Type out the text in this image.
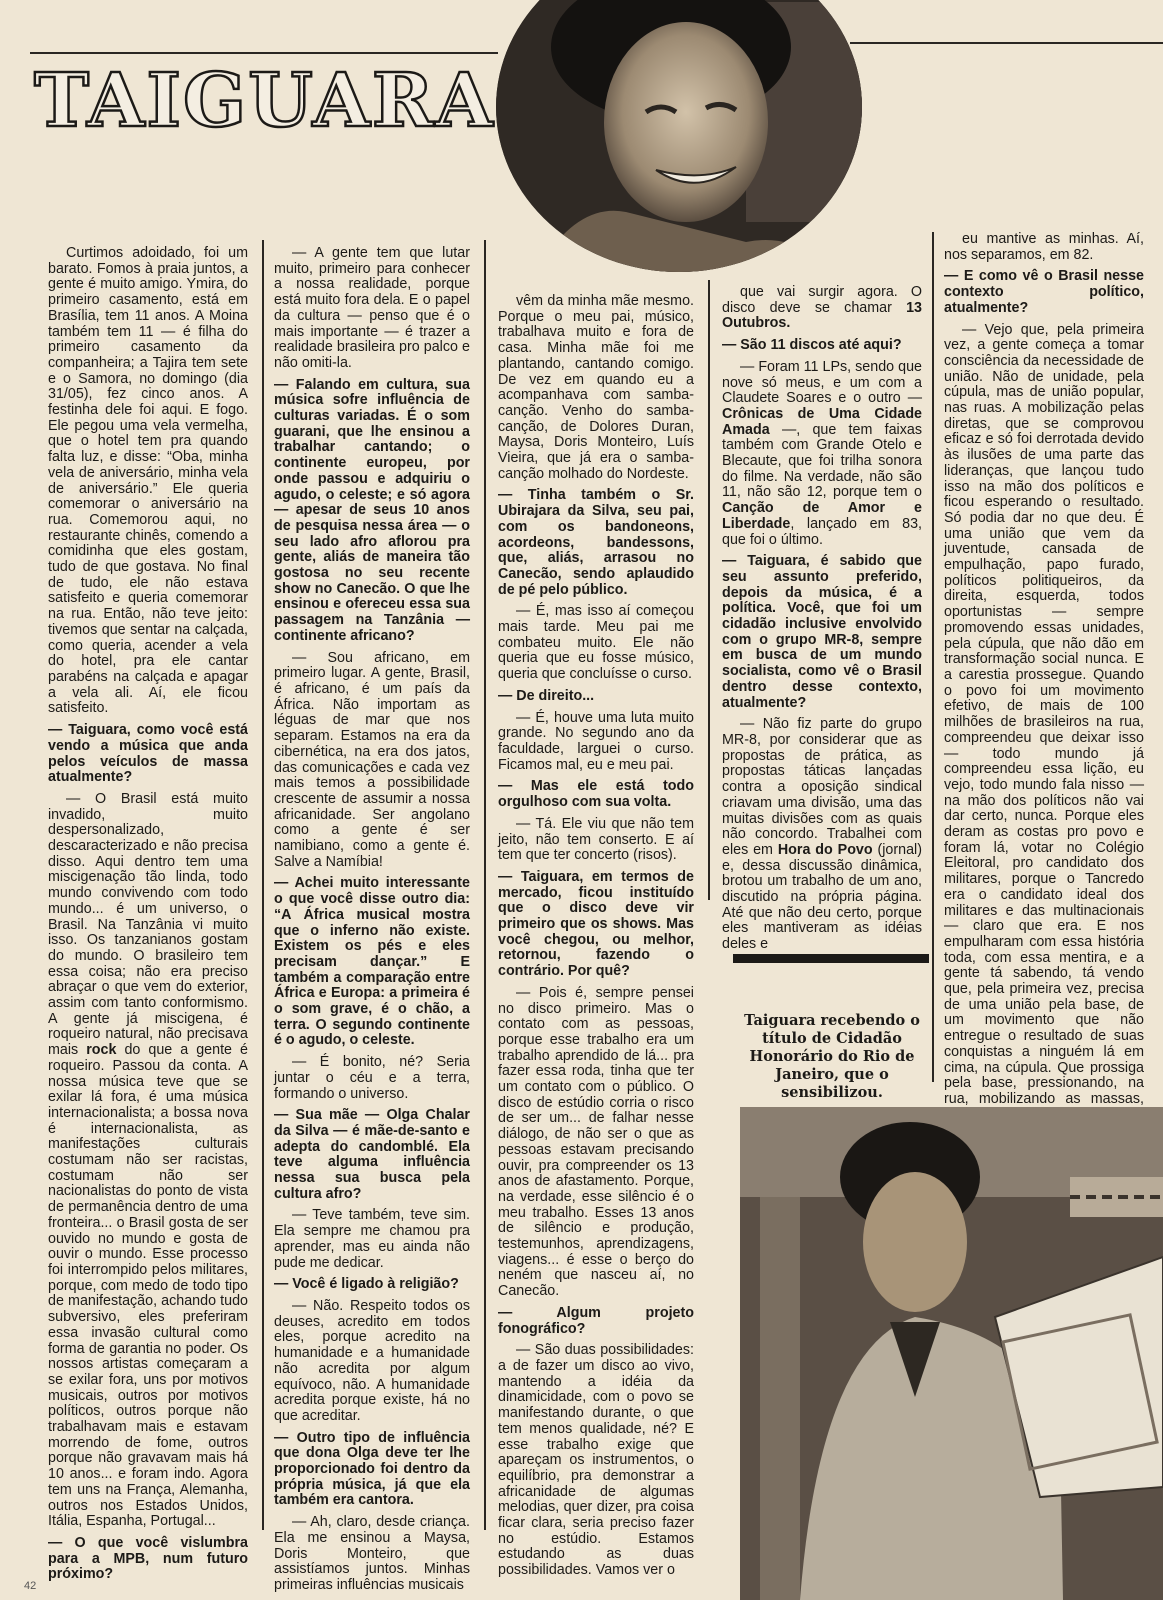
TAIGUARA

Curtimos adoidado, foi um barato. Fomos à praia juntos, a gente é muito amigo. Ymira, do primeiro casamento, está em Brasília, tem 11 anos. A Moina também tem 11 — é filha do primeiro casamento da companheira; a Tajira tem sete e o Samora, no domingo (dia 31/05), fez cinco anos. A festinha dele foi aqui. E fogo. Ele pegou uma vela vermelha, que o hotel tem pra quando falta luz, e disse: “Oba, minha vela de aniversário, minha vela de aniversário.” Ele queria comemorar o aniversário na rua. Comemorou aqui, no restaurante chinês, comendo a comidinha que eles gostam, tudo de que gostava. No final de tudo, ele não estava satisfeito e queria comemorar na rua. Então, não teve jeito: tivemos que sentar na calçada, como queria, acender a vela do hotel, pra ele cantar parabéns na calçada e apagar a vela ali. Aí, ele ficou satisfeito.

— Taiguara, como você está vendo a música que anda pelos veículos de massa atualmente?

— O Brasil está muito invadido, muito despersonalizado, descaracterizado e não precisa disso. Aqui dentro tem uma miscigenação tão linda, todo mundo convivendo com todo mundo... é um universo, o Brasil. Na Tanzânia vi muito isso. Os tanzanianos gostam do mundo. O brasileiro tem essa coisa; não era preciso abraçar o que vem do exterior, assim com tanto conformismo. A gente já miscigena, é roqueiro natural, não precisava mais rock do que a gente é roqueiro. Passou da conta. A nossa música teve que se exilar lá fora, é uma música internacionalista; a bossa nova é internacionalista, as manifestações culturais costumam não ser racistas, costumam não ser nacionalistas do ponto de vista de permanência dentro de uma fronteira... o Brasil gosta de ser ouvido no mundo e gosta de ouvir o mundo. Esse processo foi interrompido pelos militares, porque, com medo de todo tipo de manifestação, achando tudo subversivo, eles preferiram essa invasão cultural como forma de garantia no poder. Os nossos artistas começaram a se exilar fora, uns por motivos musicais, outros por motivos políticos, outros porque não trabalhavam mais e estavam morrendo de fome, outros porque não gravavam mais há 10 anos... e foram indo. Agora tem uns na França, Alemanha, outros nos Estados Unidos, Itália, Espanha, Portugal...

— O que você vislumbra para a MPB, num futuro próximo?

— A gente tem que lutar muito, primeiro para conhecer a nossa realidade, porque está muito fora dela. E o papel da cultura — penso que é o mais importante — é trazer a realidade brasileira pro palco e não omiti-la.

— Falando em cultura, sua música sofre influência de culturas variadas. É o som guarani, que lhe ensinou a trabalhar cantando; o continente europeu, por onde passou e adquiriu o agudo, o celeste; e só agora — apesar de seus 10 anos de pesquisa nessa área — o seu lado afro aflorou pra gente, aliás de maneira tão gostosa no seu recente show no Canecão. O que lhe ensinou e ofereceu essa sua passagem na Tanzânia — continente africano?

— Sou africano, em primeiro lugar. A gente, Brasil, é africano, é um país da África. Não importam as léguas de mar que nos separam. Estamos na era da cibernética, na era dos jatos, das comunicações e cada vez mais temos a possibilidade crescente de assumir a nossa africanidade. Ser angolano como a gente é ser namibiano, como a gente é. Salve a Namíbia!

— Achei muito interessante o que você disse outro dia: “A África musical mostra que o inferno não existe. Existem os pés e eles precisam dançar.” E também a comparação entre África e Europa: a primeira é o som grave, é o chão, a terra. O segundo continente é o agudo, o celeste.

— É bonito, né? Seria juntar o céu e a terra, formando o universo.

— Sua mãe — Olga Chalar da Silva — é mãe-de-santo e adepta do candomblé. Ela teve alguma influência nessa sua busca pela cultura afro?

— Teve também, teve sim. Ela sempre me chamou pra aprender, mas eu ainda não pude me dedicar.

— Você é ligado à religião?

— Não. Respeito todos os deuses, acredito em todos eles, porque acredito na humanidade e a humanidade não acredita por algum equívoco, não. A humanidade acredita porque existe, há no que acreditar.

— Outro tipo de influência que dona Olga deve ter lhe proporcionado foi dentro da própria música, já que ela também era cantora.

— Ah, claro, desde criança. Ela me ensinou a Maysa, Doris Monteiro, que assistíamos juntos. Minhas primeiras influências musicais

vêm da minha mãe mesmo. Porque o meu pai, músico, trabalhava muito e fora de casa. Minha mãe foi me plantando, cantando comigo. De vez em quando eu a acompanhava com samba-canção. Venho do samba-canção, de Dolores Duran, Maysa, Doris Monteiro, Luís Vieira, que já era o samba-canção molhado do Nordeste.

— Tinha também o Sr. Ubirajara da Silva, seu pai, com os bandoneons, acordeons, bandessons, que, aliás, arrasou no Canecão, sendo aplaudido de pé pelo público.

— É, mas isso aí começou mais tarde. Meu pai me combateu muito. Ele não queria que eu fosse músico, queria que concluísse o curso.

— De direito...

— É, houve uma luta muito grande. No segundo ano da faculdade, larguei o curso. Ficamos mal, eu e meu pai.

— Mas ele está todo orgulhoso com sua volta.

— Tá. Ele viu que não tem jeito, não tem conserto. E aí tem que ter concerto (risos).

— Taiguara, em termos de mercado, ficou instituído que o disco deve vir primeiro que os shows. Mas você chegou, ou melhor, retornou, fazendo o contrário. Por quê?

— Pois é, sempre pensei no disco primeiro. Mas o contato com as pessoas, porque esse trabalho era um trabalho aprendido de lá... pra fazer essa roda, tinha que ter um contato com o público. O disco de estúdio corria o risco de ser um... de falhar nesse diálogo, de não ser o que as pessoas estavam precisando ouvir, pra compreender os 13 anos de afastamento. Porque, na verdade, esse silêncio é o meu trabalho. Esses 13 anos de silêncio e produção, testemunhos, aprendizagens, viagens... é esse o berço do neném que nasceu aí, no Canecão.

— Algum projeto fonográfico?

— São duas possibilidades: a de fazer um disco ao vivo, mantendo a idéia da dinamicidade, com o povo se manifestando durante, o que tem menos qualidade, né? E esse trabalho exige que apareçam os instrumentos, o equilíbrio, pra demonstrar a africanidade de algumas melodias, quer dizer, pra coisa ficar clara, seria preciso fazer no estúdio. Estamos estudando as duas possibilidades. Vamos ver o

que vai surgir agora. O disco deve se chamar 13 Outubros.

— São 11 discos até aqui?

— Foram 11 LPs, sendo que nove só meus, e um com a Claudete Soares e o outro — Crônicas de Uma Cidade Amada —, que tem faixas também com Grande Otelo e Blecaute, que foi trilha sonora do filme. Na verdade, não são 11, não são 12, porque tem o Canção de Amor e Liberdade, lançado em 83, que foi o último.

— Taiguara, é sabido que seu assunto preferido, depois da música, é a política. Você, que foi um cidadão inclusive envolvido com o grupo MR-8, sempre em busca de um mundo socialista, como vê o Brasil dentro desse contexto, atualmente?

— Não fiz parte do grupo MR-8, por considerar que as propostas de prática, as propostas táticas lançadas contra a oposição sindical criavam uma divisão, uma das muitas divisões com as quais não concordo. Trabalhei com eles em Hora do Povo (jornal) e, dessa discussão dinâmica, brotou um trabalho de um ano, discutido na própria página. Até que não deu certo, porque eles mantiveram as idéias deles e

Taiguara recebendo o título de Cidadão Honorário do Rio de Janeiro, que o sensibilizou.

eu mantive as minhas. Aí, nos separamos, em 82.

— E como vê o Brasil nesse contexto político, atualmente?

— Vejo que, pela primeira vez, a gente começa a tomar consciência da necessidade de união. Não de unidade, pela cúpula, mas de união popular, nas ruas. A mobilização pelas diretas, que se comprovou eficaz e só foi derrotada devido às ilusões de uma parte das lideranças, que lançou tudo isso na mão dos políticos e ficou esperando o resultado. Só podia dar no que deu. É uma união que vem da juventude, cansada de empulhação, papo furado, políticos politiqueiros, da direita, esquerda, todos oportunistas — sempre promovendo essas unidades, pela cúpula, que não dão em transformação social nunca. E a carestia prossegue. Quando o povo foi um movimento efetivo, de mais de 100 milhões de brasileiros na rua, compreendeu que deixar isso — todo mundo já compreendeu essa lição, eu vejo, todo mundo fala nisso — na mão dos políticos não vai dar certo, nunca. Porque eles deram as costas pro povo e foram lá, votar no Colégio Eleitoral, pro candidato dos militares, porque o Tancredo era o candidato ideal dos militares e das multinacionais — claro que era. E nos empulharam com essa história toda, com essa mentira, e a gente tá sabendo, tá vendo que, pela primeira vez, precisa de uma união pela base, de um movimento que não entregue o resultado de suas conquistas a ninguém lá em cima, na cúpula. Que prossiga pela base, pressionando, na rua, mobilizando as massas,

42
